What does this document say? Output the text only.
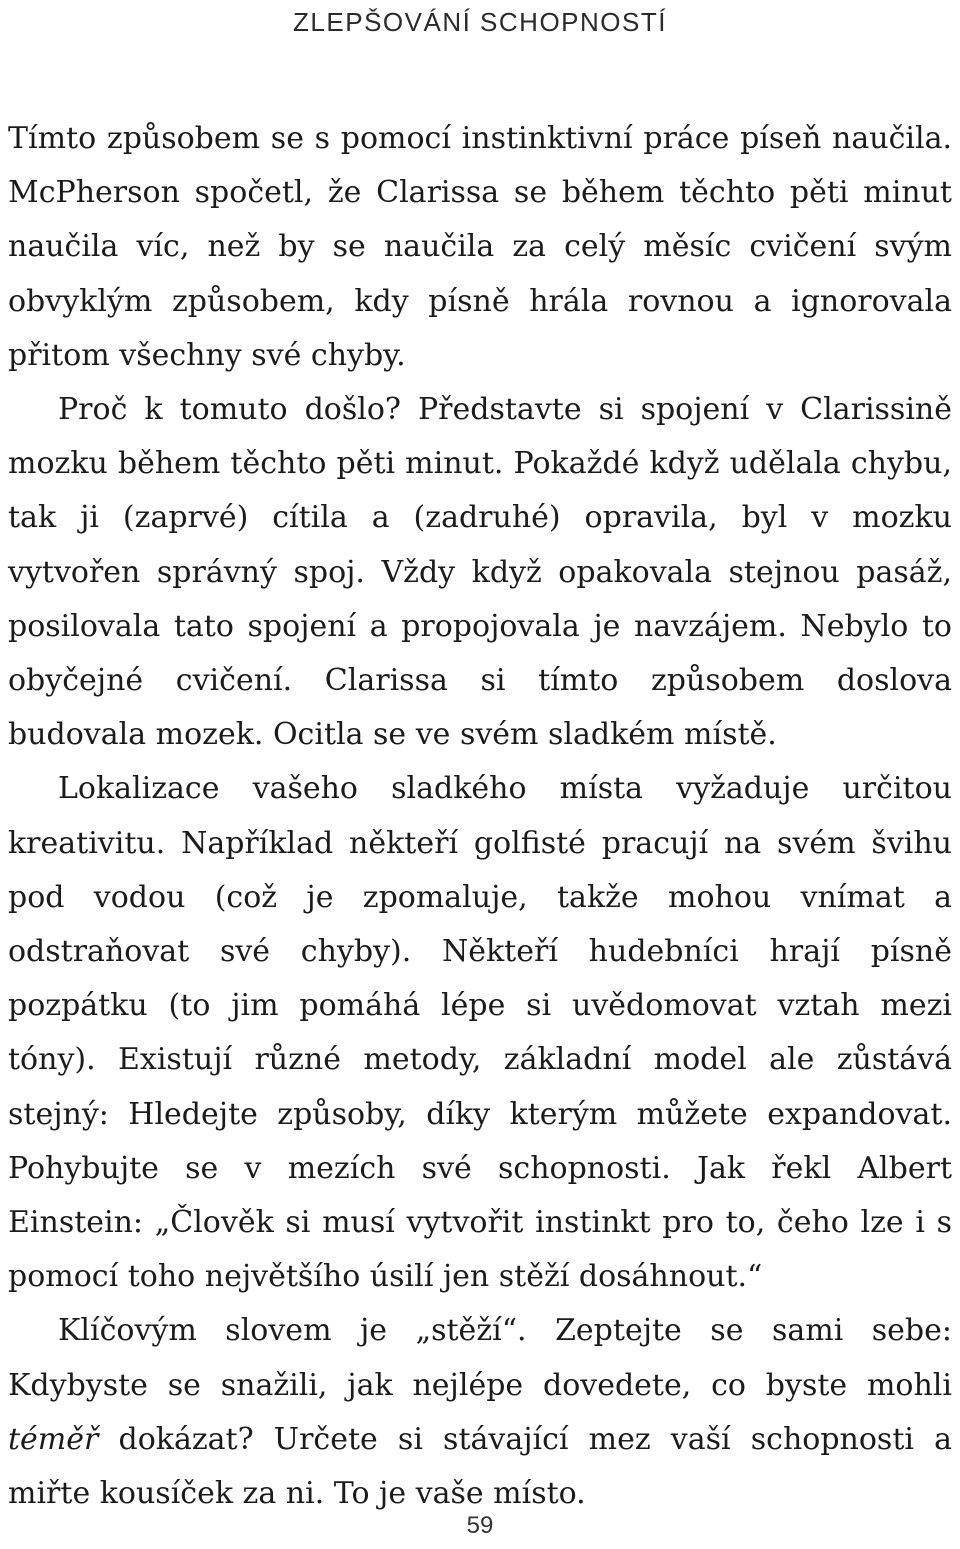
ZLEPŠOVÁNÍ SCHOPNOSTÍ

Tímto způsobem se s pomocí instinktivní práce píseň naučila. McPherson spočetl, že Clarissa se během těchto pěti minut naučila víc, než by se naučila za celý měsíc cvičení svým obvyklým způsobem, kdy písně hrála rovnou a ignorovala přitom všechny své chyby.

Proč k tomuto došlo? Představte si spojení v Clarissině mozku během těchto pěti minut. Pokaždé když udělala chybu, tak ji (zaprvé) cítila a (zadruhé) opravila, byl v mozku vytvořen správný spoj. Vždy když opakovala stejnou pasáž, posilovala tato spojení a propojovala je navzájem. Nebylo to obyčejné cvičení. Clarissa si tímto způsobem doslova budovala mozek. Ocitla se ve svém sladkém místě.

Lokalizace vašeho sladkého místa vyžaduje určitou kreativitu. Například někteří golfisté pracují na svém švihu pod vodou (což je zpomaluje, takže mohou vnímat a odstraňovat své chyby). Někteří hudebníci hrají písně pozpátku (to jim pomáhá lépe si uvědomovat vztah mezi tóny). Existují různé metody, základní model ale zůstává stejný: Hledejte způsoby, díky kterým můžete expandovat. Pohybujte se v mezích své schopnosti. Jak řekl Albert Einstein: „Člověk si musí vytvořit instinkt pro to, čeho lze i s pomocí toho největšího úsilí jen stěží dosáhnout.“

Klíčovým slovem je „stěží“. Zeptejte se sami sebe: Kdybyste se snažili, jak nejlépe dovedete, co byste mohli téměř dokázat? Určete si stávající mez vaší schopnosti a miřte kousíček za ni. To je vaše místo.

59
